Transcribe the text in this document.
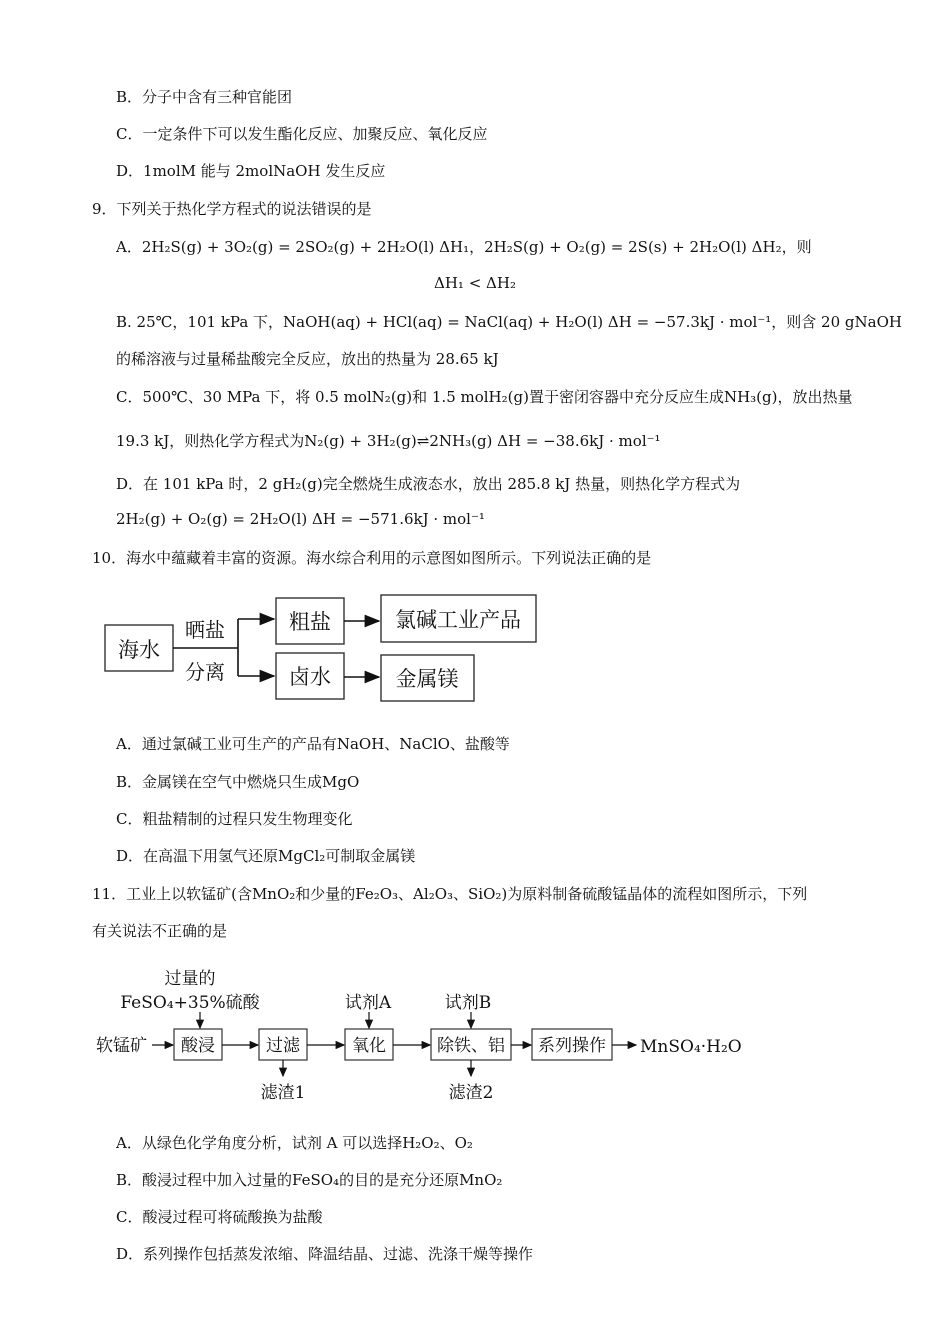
B．分子中含有三种官能团
C．一定条件下可以发生酯化反应、加聚反应、氧化反应
D．1molM 能与 2molNaOH 发生反应
9．下列关于热化学方程式的说法错误的是
A．2H₂S(g) + 3O₂(g) = 2SO₂(g) + 2H₂O(l) ΔH₁，2H₂S(g) + O₂(g) = 2S(s) + 2H₂O(l) ΔH₂，则
ΔH₁ < ΔH₂
B. 25℃，101 kPa 下，NaOH(aq) + HCl(aq) = NaCl(aq) + H₂O(l) ΔH = −57.3kJ · mol⁻¹，则含 20 gNaOH
的稀溶液与过量稀盐酸完全反应，放出的热量为 28.65 kJ
C．500℃、30 MPa 下，将 0.5 molN₂(g)和 1.5 molH₂(g)置于密闭容器中充分反应生成NH₃(g)，放出热量
19.3 kJ，则热化学方程式为N₂(g) + 3H₂(g)⇌2NH₃(g) ΔH = −38.6kJ · mol⁻¹
D．在 101 kPa 时，2 gH₂(g)完全燃烧生成液态水，放出 285.8 kJ 热量，则热化学方程式为
2H₂(g) + O₂(g) = 2H₂O(l) ΔH = −571.6kJ · mol⁻¹
10．海水中蕴藏着丰富的资源。海水综合利用的示意图如图所示。下列说法正确的是
海水
晒盐
分离
粗盐	氯碱工业产品
卤水	金属镁
A．通过氯碱工业可生产的产品有NaOH、NaClO、盐酸等
B．金属镁在空气中燃烧只生成MgO
C．粗盐精制的过程只发生物理变化
D．在高温下用氢气还原MgCl₂可制取金属镁
11．工业上以软锰矿(含MnO₂和少量的Fe₂O₃、Al₂O₃、SiO₂)为原料制备硫酸锰晶体的流程如图所示，下列
有关说法不正确的是
过量的
FeSO₄+35%硫酸	试剂A	试剂B
软锰矿 酸浸	过滤	氧化	除铁、铝 系列操作 MnSO₄·H₂O
滤渣1	滤渣2
A．从绿色化学角度分析，试剂 A 可以选择H₂O₂、O₂
B．酸浸过程中加入过量的FeSO₄的目的是充分还原MnO₂
C．酸浸过程可将硫酸换为盐酸
D．系列操作包括蒸发浓缩、降温结晶、过滤、洗涤干燥等操作
